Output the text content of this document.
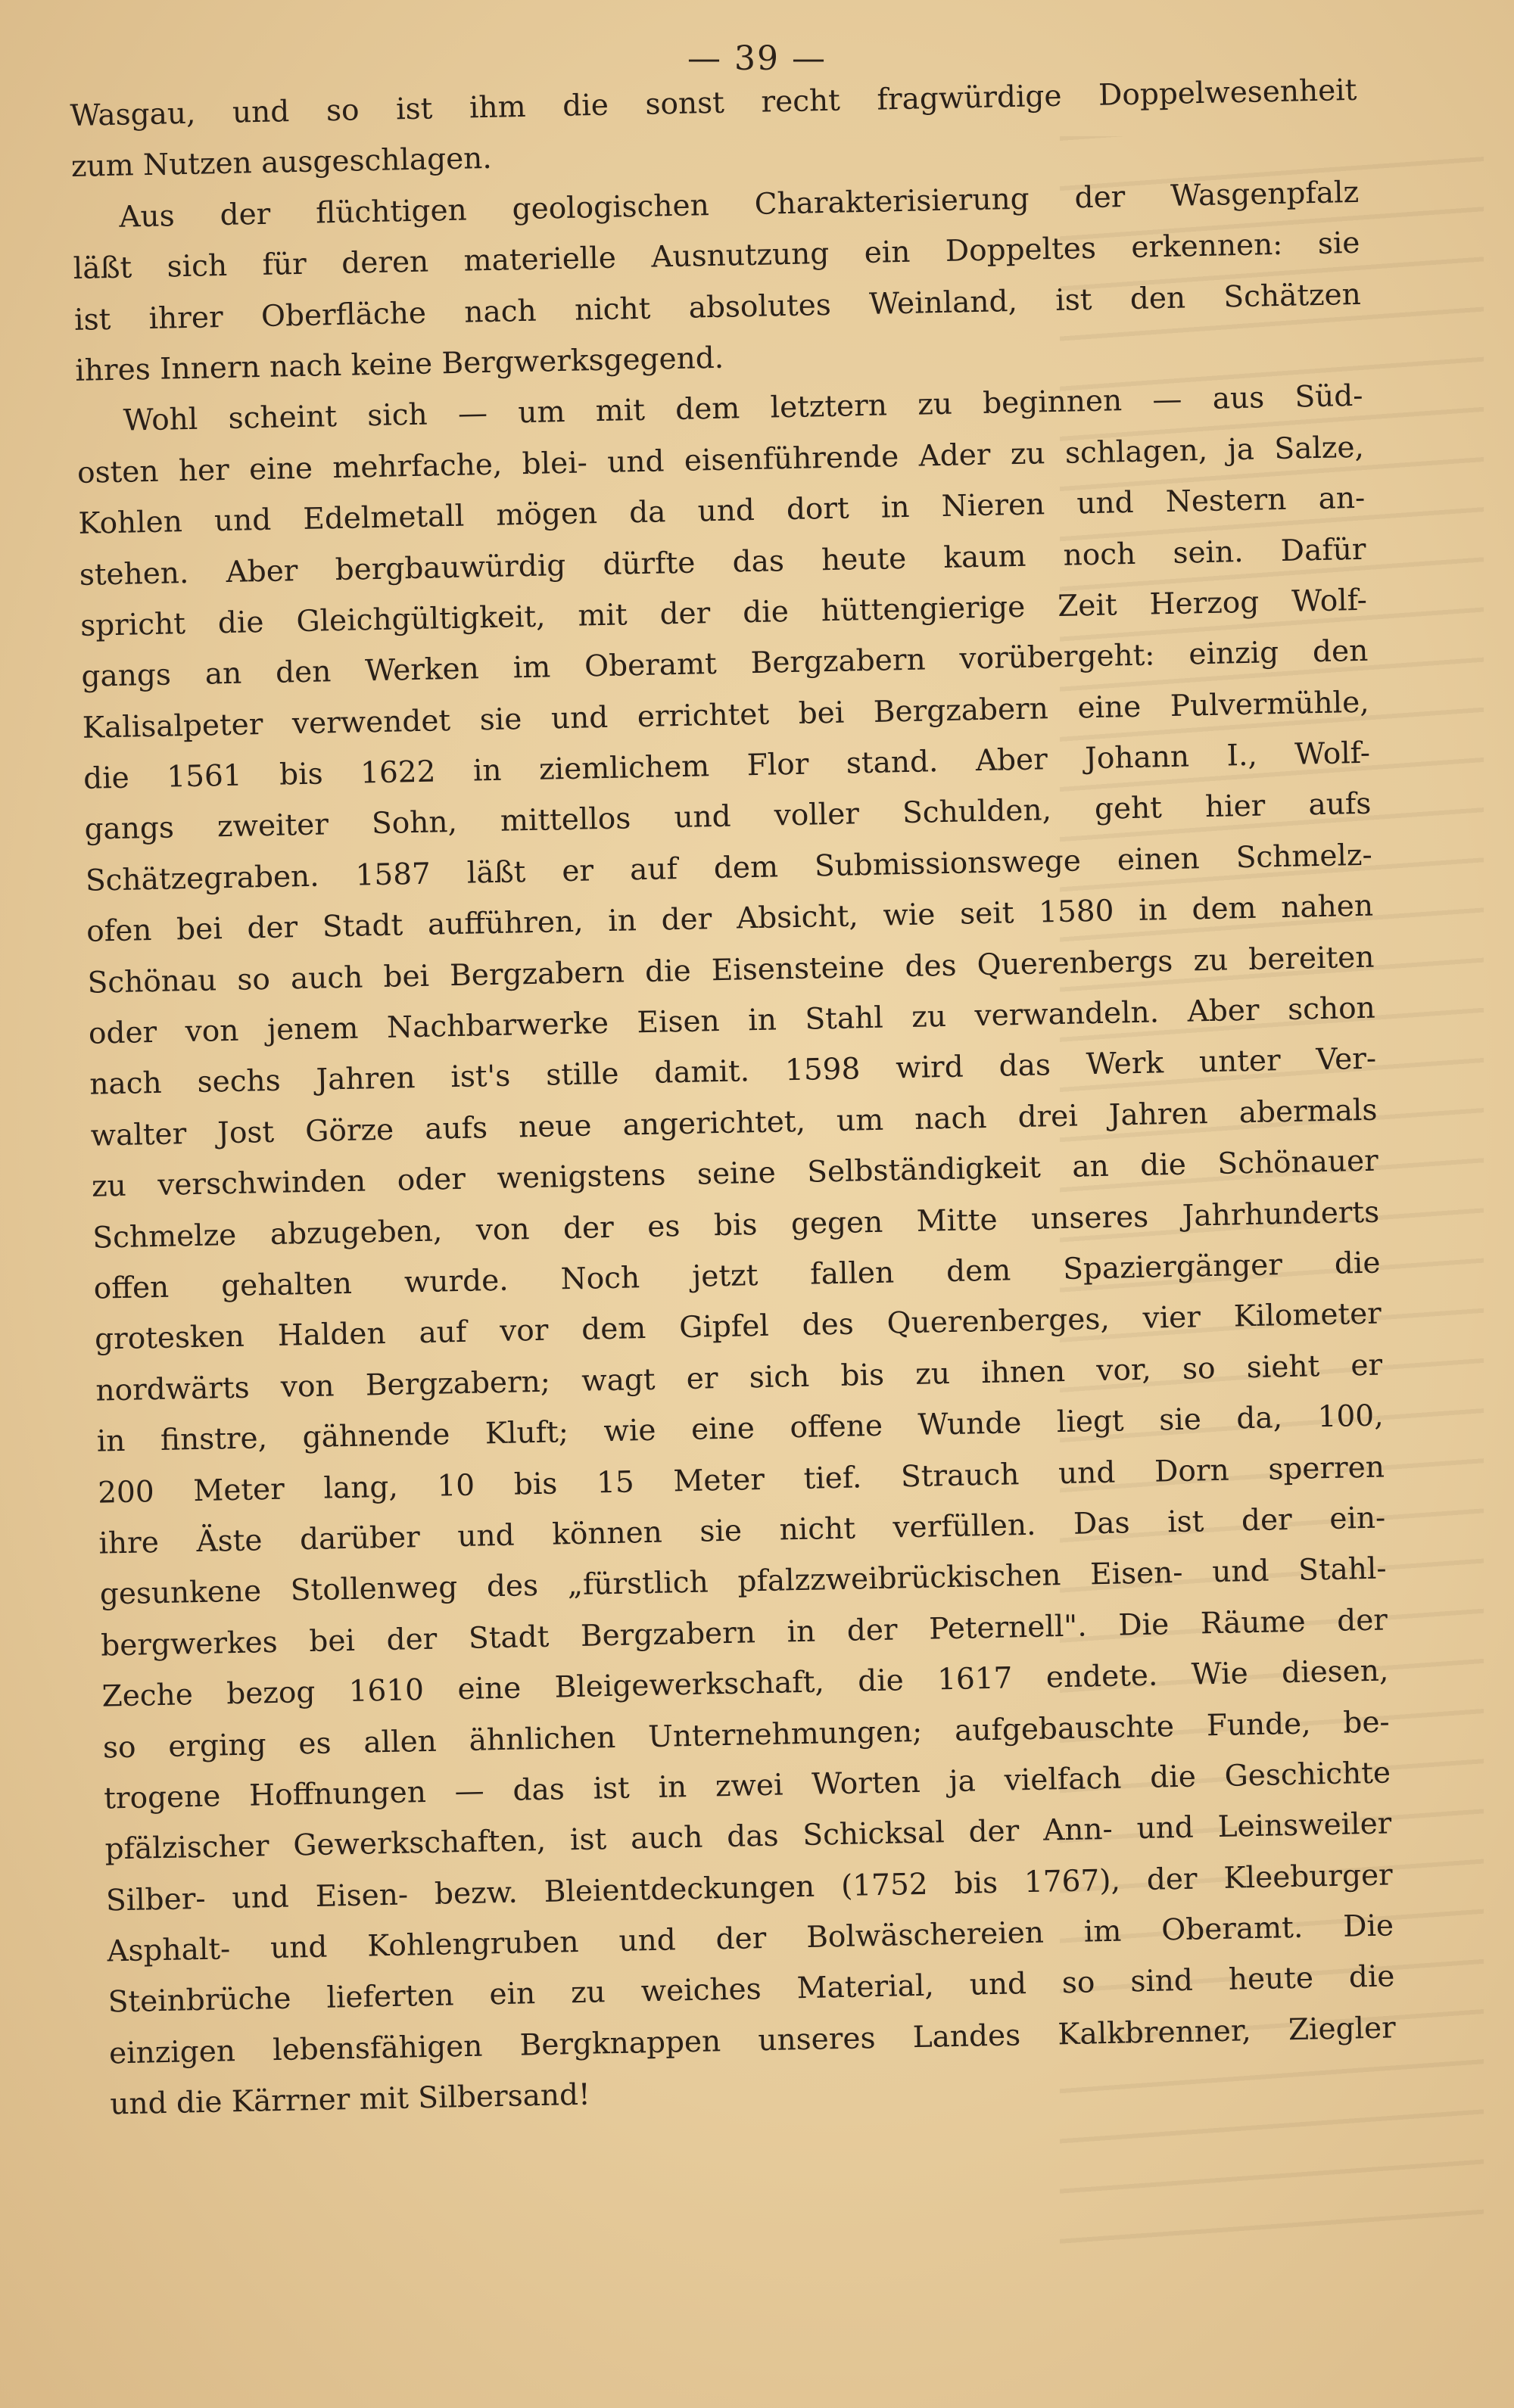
— 39 —
Wasgau, und so ist ihm die sonst recht fragwürdige Doppelwesenheit
zum Nutzen ausgeschlagen.
Aus der flüchtigen geologischen Charakterisierung der Wasgenpfalz
läßt sich für deren materielle Ausnutzung ein Doppeltes erkennen: sie
ist ihrer Oberfläche nach nicht absolutes Weinland, ist den Schätzen
ihres Innern nach keine Bergwerksgegend.
Wohl scheint sich — um mit dem letztern zu beginnen — aus Süd-
osten her eine mehrfache, blei- und eisenführende Ader zu schlagen, ja Salze,
Kohlen und Edelmetall mögen da und dort in Nieren und Nestern an-
stehen. Aber bergbauwürdig dürfte das heute kaum noch sein. Dafür
spricht die Gleichgültigkeit, mit der die hüttengierige Zeit Herzog Wolf-
gangs an den Werken im Oberamt Bergzabern vorübergeht: einzig den
Kalisalpeter verwendet sie und errichtet bei Bergzabern eine Pulvermühle,
die 1561 bis 1622 in ziemlichem Flor stand. Aber Johann I., Wolf-
gangs zweiter Sohn, mittellos und voller Schulden, geht hier aufs
Schätzegraben. 1587 läßt er auf dem Submissionswege einen Schmelz-
ofen bei der Stadt aufführen, in der Absicht, wie seit 1580 in dem nahen
Schönau so auch bei Bergzabern die Eisensteine des Querenbergs zu bereiten
oder von jenem Nachbarwerke Eisen in Stahl zu verwandeln. Aber schon
nach sechs Jahren ist's stille damit. 1598 wird das Werk unter Ver-
walter Jost Görze aufs neue angerichtet, um nach drei Jahren abermals
zu verschwinden oder wenigstens seine Selbständigkeit an die Schönauer
Schmelze abzugeben, von der es bis gegen Mitte unseres Jahrhunderts
offen gehalten wurde. Noch jetzt fallen dem Spaziergänger die
grotesken Halden auf vor dem Gipfel des Querenberges, vier Kilometer
nordwärts von Bergzabern; wagt er sich bis zu ihnen vor, so sieht er
in finstre, gähnende Kluft; wie eine offene Wunde liegt sie da, 100,
200 Meter lang, 10 bis 15 Meter tief. Strauch und Dorn sperren
ihre Äste darüber und können sie nicht verfüllen. Das ist der ein-
gesunkene Stollenweg des „fürstlich pfalzzweibrückischen Eisen- und Stahl-
bergwerkes bei der Stadt Bergzabern in der Peternell". Die Räume der
Zeche bezog 1610 eine Bleigewerkschaft, die 1617 endete. Wie diesen,
so erging es allen ähnlichen Unternehmungen; aufgebauschte Funde, be-
trogene Hoffnungen — das ist in zwei Worten ja vielfach die Geschichte
pfälzischer Gewerkschaften, ist auch das Schicksal der Ann- und Leinsweiler
Silber- und Eisen- bezw. Bleientdeckungen (1752 bis 1767), der Kleeburger
Asphalt- und Kohlengruben und der Bolwäschereien im Oberamt. Die
Steinbrüche lieferten ein zu weiches Material, und so sind heute die
einzigen lebensfähigen Bergknappen unseres Landes Kalkbrenner, Ziegler
und die Kärrner mit Silbersand!
